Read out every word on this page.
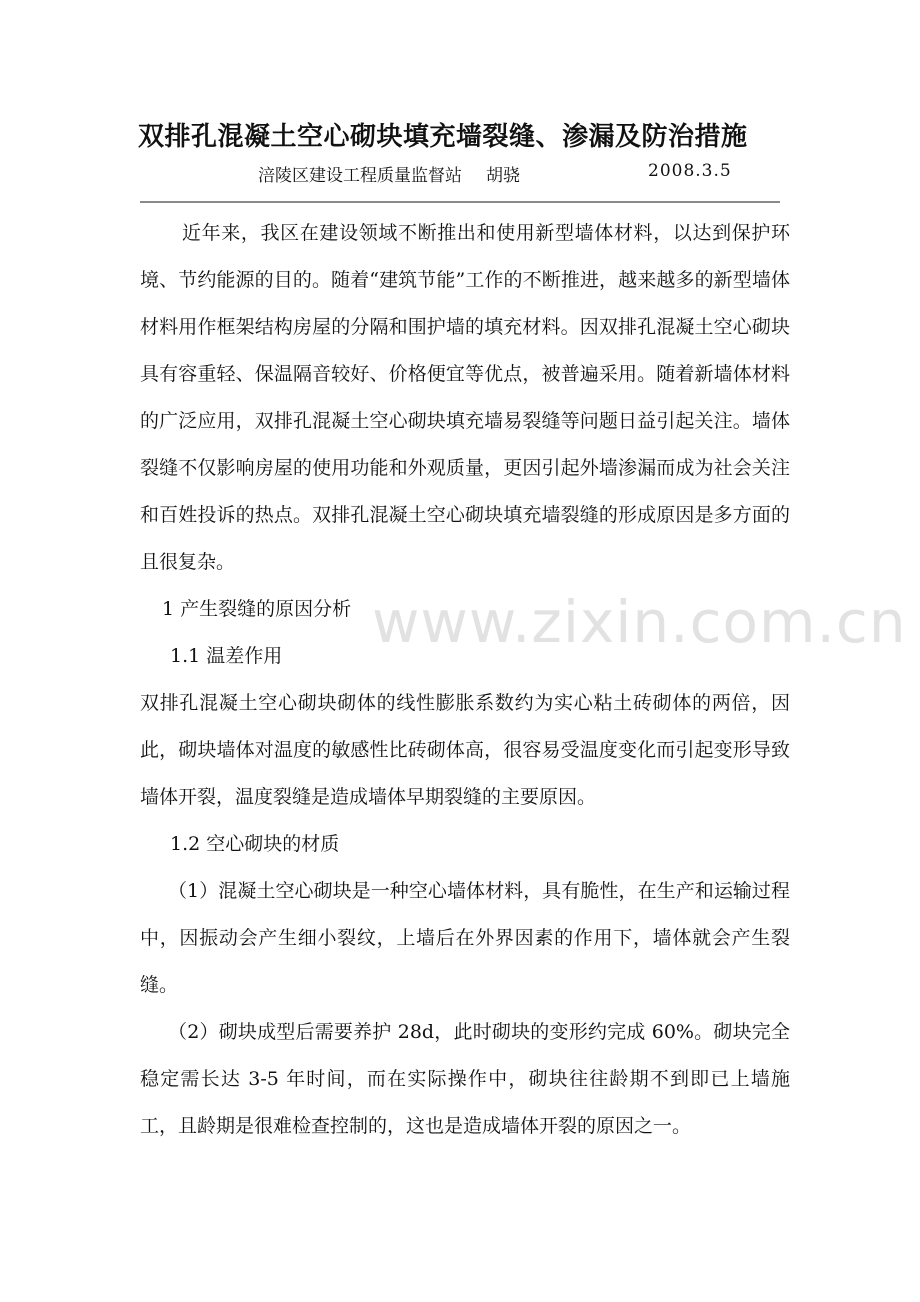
双排孔混凝土空心砌块填充墙裂缝、渗漏及防治措施
涪陵区建设工程质量监督站 胡骁	2008.3.5

近年来，我区在建设领域不断推出和使用新型墙体材料，以达到保护环境、节约能源的目的。随着“建筑节能”工作的不断推进，越来越多的新型墙体材料用作框架结构房屋的分隔和围护墙的填充材料。因双排孔混凝土空心砌块具有容重轻、保温隔音较好、价格便宜等优点，被普遍采用。随着新墙体材料的广泛应用，双排孔混凝土空心砌块填充墙易裂缝等问题日益引起关注。墙体裂缝不仅影响房屋的使用功能和外观质量，更因引起外墙渗漏而成为社会关注和百姓投诉的热点。双排孔混凝土空心砌块填充墙裂缝的形成原因是多方面的且很复杂。

1 产生裂缝的原因分析

1.1 温差作用

双排孔混凝土空心砌块砌体的线性膨胀系数约为实心粘土砖砌体的两倍，因此，砌块墙体对温度的敏感性比砖砌体高，很容易受温度变化而引起变形导致墙体开裂，温度裂缝是造成墙体早期裂缝的主要原因。

1.2 空心砌块的材质

（1）混凝土空心砌块是一种空心墙体材料，具有脆性，在生产和运输过程中，因振动会产生细小裂纹，上墙后在外界因素的作用下，墙体就会产生裂缝。

（2）砌块成型后需要养护 28d，此时砌块的变形约完成 60%。砌块完全稳定需长达 3-5 年时间，而在实际操作中，砌块往往龄期不到即已上墙施工，且龄期是很难检查控制的，这也是造成墙体开裂的原因之一。

www.zixin.com.cn
